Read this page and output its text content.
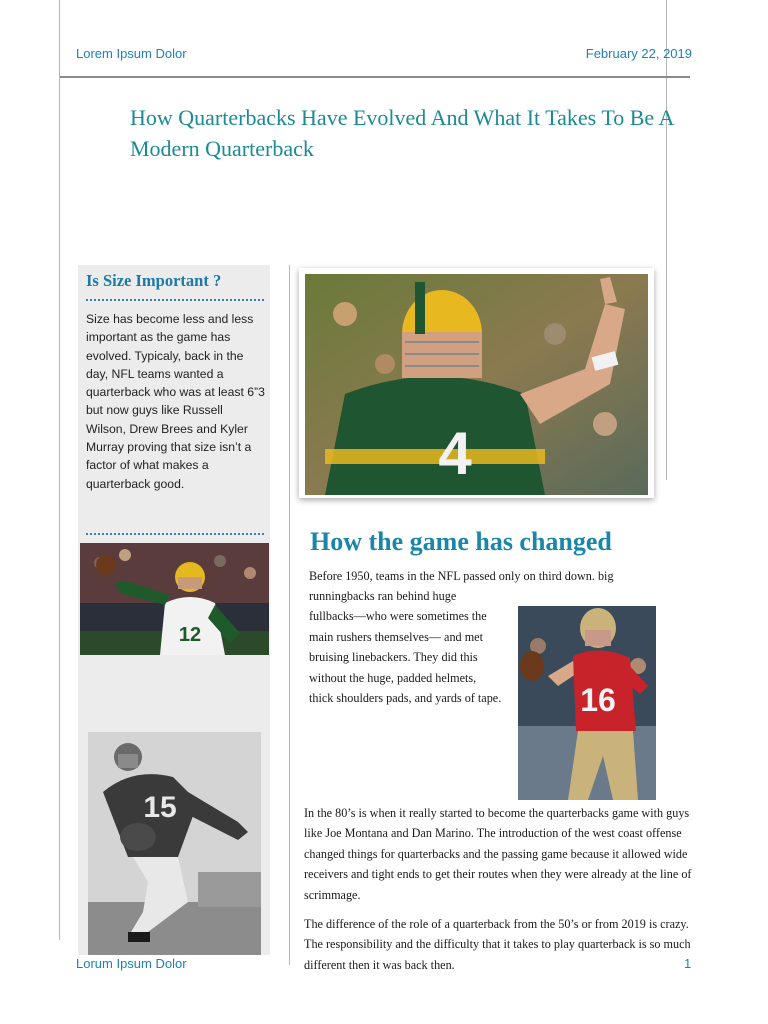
Lorem Ipsum Dolor	February 22, 2019
How Quarterbacks Have Evolved And What It Takes To Be A Modern Quarterback
Is Size Important ?
Size has become less and less important as the game has evolved. Typicaly, back in the day, NFL teams wanted a quarterback who was at least 6”3 but now guys like Russell Wilson, Drew Brees and Kyler Murray proving that size isn’t a factor of what makes a quarterback good.
12
15
4
How the game has changed
Before 1950, teams in the NFL passed only on third down. big
runningbacks ran behind huge fullbacks—who were sometimes the main rushers themselves— and met bruising linebackers. They did this without the huge, padded helmets, thick shoulders pads, and yards of tape. 16
In the 80’s is when it really started to become the quarterbacks game with guys like Joe Montana and Dan Marino. The introduction of the west coast offense changed things for quarterbacks and the passing game because it allowed wide receivers and tight ends to get their routes when they were already at the line of scrimmage.
The difference of the role of a quarterback from the 50’s or from 2019 is crazy. The responsibility and the difficulty that it takes to play quarterback is so much different then it was back then.
Lorum Ipsum Dolor	1
